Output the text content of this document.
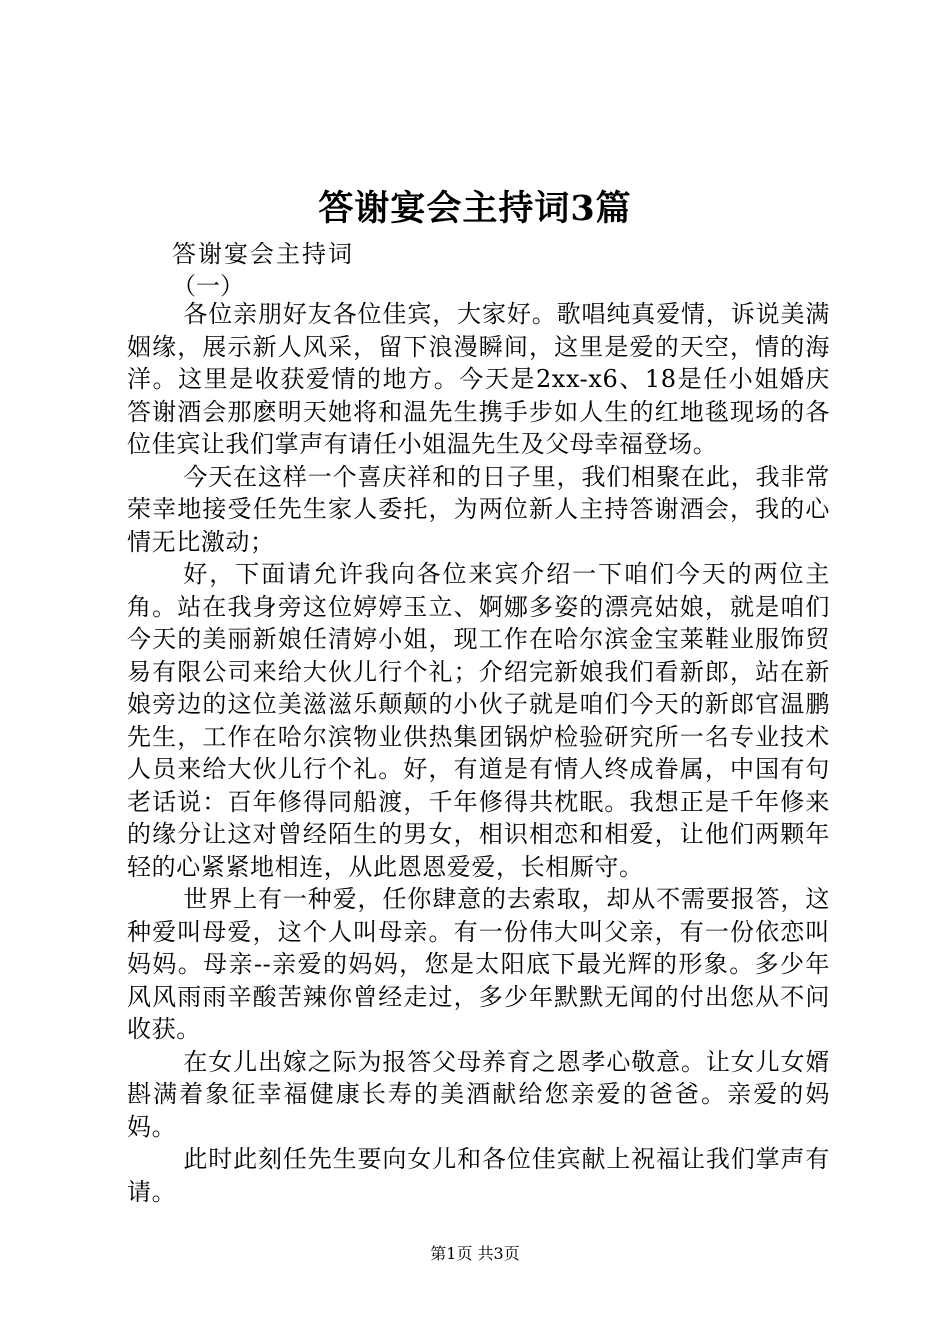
答谢宴会主持词3篇

答谢宴会主持词

（一）

各位亲朋好友各位佳宾，大家好。歌唱纯真爱情，诉说美满姻缘，展示新人风采，留下浪漫瞬间，这里是爱的天空，情的海洋。这里是收获爱情的地方。今天是2xx-x6、18是任小姐婚庆答谢酒会那麽明天她将和温先生携手步如人生的红地毯现场的各位佳宾让我们掌声有请任小姐温先生及父母幸福登场。

今天在这样一个喜庆祥和的日子里，我们相聚在此，我非常荣幸地接受任先生家人委托，为两位新人主持答谢酒会，我的心情无比激动；

好，下面请允许我向各位来宾介绍一下咱们今天的两位主角。站在我身旁这位婷婷玉立、婀娜多姿的漂亮姑娘，就是咱们今天的美丽新娘任清婷小姐，现工作在哈尔滨金宝莱鞋业服饰贸易有限公司来给大伙儿行个礼；介绍完新娘我们看新郎，站在新娘旁边的这位美滋滋乐颠颠的小伙子就是咱们今天的新郎官温鹏先生，工作在哈尔滨物业供热集团锅炉检验研究所一名专业技术人员来给大伙儿行个礼。好，有道是有情人终成眷属，中国有句老话说：百年修得同船渡，千年修得共枕眠。我想正是千年修来的缘分让这对曾经陌生的男女，相识相恋和相爱，让他们两颗年轻的心紧紧地相连，从此恩恩爱爱，长相厮守。

世界上有一种爱，任你肆意的去索取，却从不需要报答，这种爱叫母爱，这个人叫母亲。有一份伟大叫父亲，有一份依恋叫妈妈。母亲--亲爱的妈妈，您是太阳底下最光辉的形象。多少年风风雨雨辛酸苦辣你曾经走过，多少年默默无闻的付出您从不问收获。

在女儿出嫁之际为报答父母养育之恩孝心敬意。让女儿女婿斟满着象征幸福健康长寿的美酒献给您亲爱的爸爸。亲爱的妈妈。

此时此刻任先生要向女儿和各位佳宾献上祝福让我们掌声有请。

第1页 共3页
